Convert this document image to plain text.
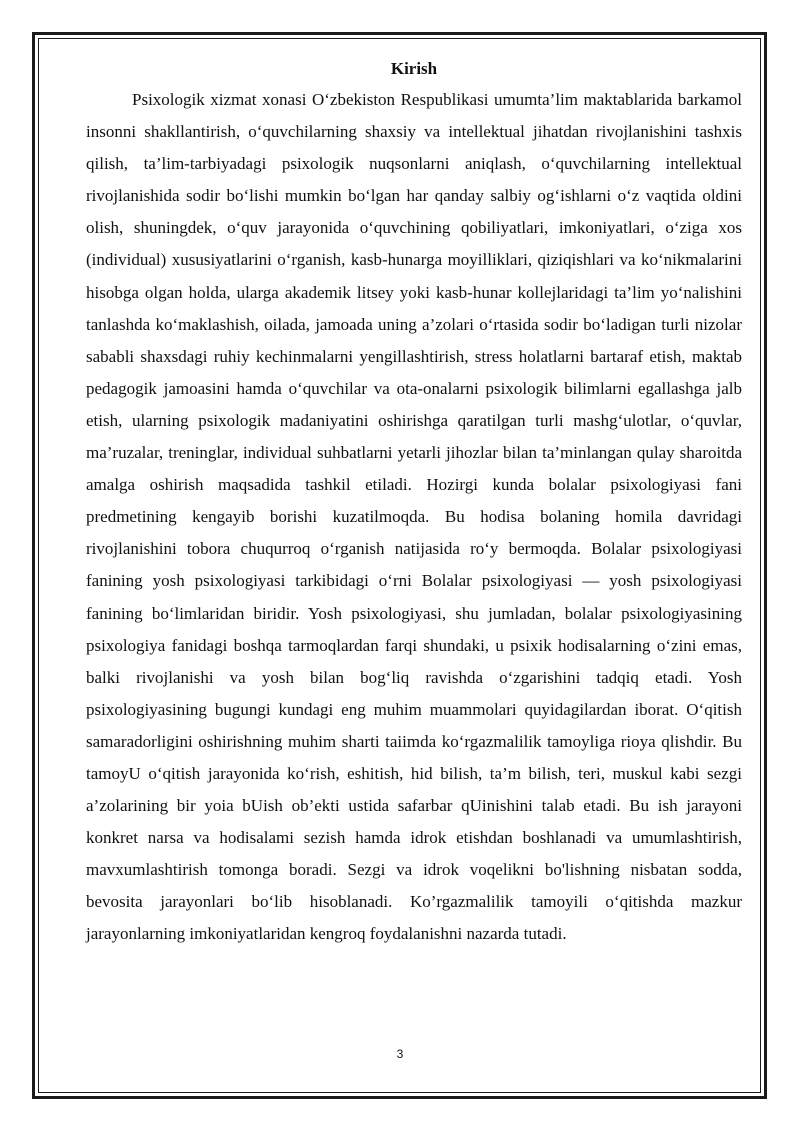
Kirish

Psixologik xizmat xonasi O‘zbekiston Respublikasi umumta’lim maktablarida barkamol insonni shakllantirish, o‘quvchilarning shaxsiy va intellektual jihatdan rivojlanishini tashxis qilish, ta’lim-tarbiyadagi psixologik nuqsonlarni aniqlash, o‘quvchilarning intellektual rivojlanishida sodir bo‘lishi mumkin bo‘lgan har qanday salbiy og‘ishlarni o‘z vaqtida oldini olish, shuningdek, o‘quv jarayonida o‘quvchining qobiliyatlari, imkoniyatlari, o‘ziga xos (individual) xususiyatlarini o‘rganish, kasb-hunarga moyilliklari, qiziqishlari va ko‘nikmalarini hisobga olgan holda, ularga akademik litsey yoki kasb-hunar kollejlaridagi ta’lim yo‘nalishini tanlashda ko‘maklashish, oilada, jamoada uning a’zolari o‘rtasida sodir bo‘ladigan turli nizolar sababli shaxsdagi ruhiy kechinmalarni yengillashtirish, stress holatlarni bartaraf etish, maktab pedagogik jamoasini hamda o‘quvchilar va ota-onalarni psixologik bilimlarni egallashga jalb etish, ularning psixologik madaniyatini oshirishga qaratilgan turli mashg‘ulotlar, o‘quvlar, ma’ruzalar, treninglar, individual suhbatlarni yetarli jihozlar bilan ta’minlangan qulay sharoitda amalga oshirish maqsadida tashkil etiladi. Hozirgi kunda bolalar psixologiyasi fani predmetining kengayib borishi kuzatilmoqda. Bu hodisa bolaning homila davridagi rivojlanishini tobora chuqurroq o‘rganish natijasida ro‘y bermoqda. Bolalar psixologiyasi fanining yosh psixologiyasi tarkibidagi o‘rni Bolalar psixologiyasi — yosh psixologiyasi fanining bo‘limlaridan biridir. Yosh psixologiyasi, shu jumladan, bolalar psixologiyasining psixologiya fanidagi boshqa tarmoqlardan farqi shundaki, u psixik hodisalarning o‘zini emas, balki rivojlanishi va yosh bilan bog‘liq ravishda o‘zgarishini tadqiq etadi. Yosh psixologiyasining bugungi kundagi eng muhim muammolari quyidagilardan iborat. O‘qitish samaradorligini oshirishning muhim sharti taiimda ko‘rgazmalilik tamoyliga rioya qlishdir. Bu tamoyU o‘qitish jarayonida ko‘rish, eshitish, hid bilish, ta’m bilish, teri, muskul kabi sezgi a’zolarining bir yoia bUish ob’ekti ustida safarbar qUinishini talab etadi. Bu ish jarayoni konkret narsa va hodisalami sezish hamda idrok etishdan boshlanadi va umumlashtirish, mavxumlashtirish tomonga boradi. Sezgi va idrok voqelikni bo'lishning nisbatan sodda, bevosita jarayonlari bo‘lib hisoblanadi. Ko’rgazmalilik tamoyili o‘qitishda mazkur jarayonlarning imkoniyatlaridan kengroq foydalanishni nazarda tutadi.

3
